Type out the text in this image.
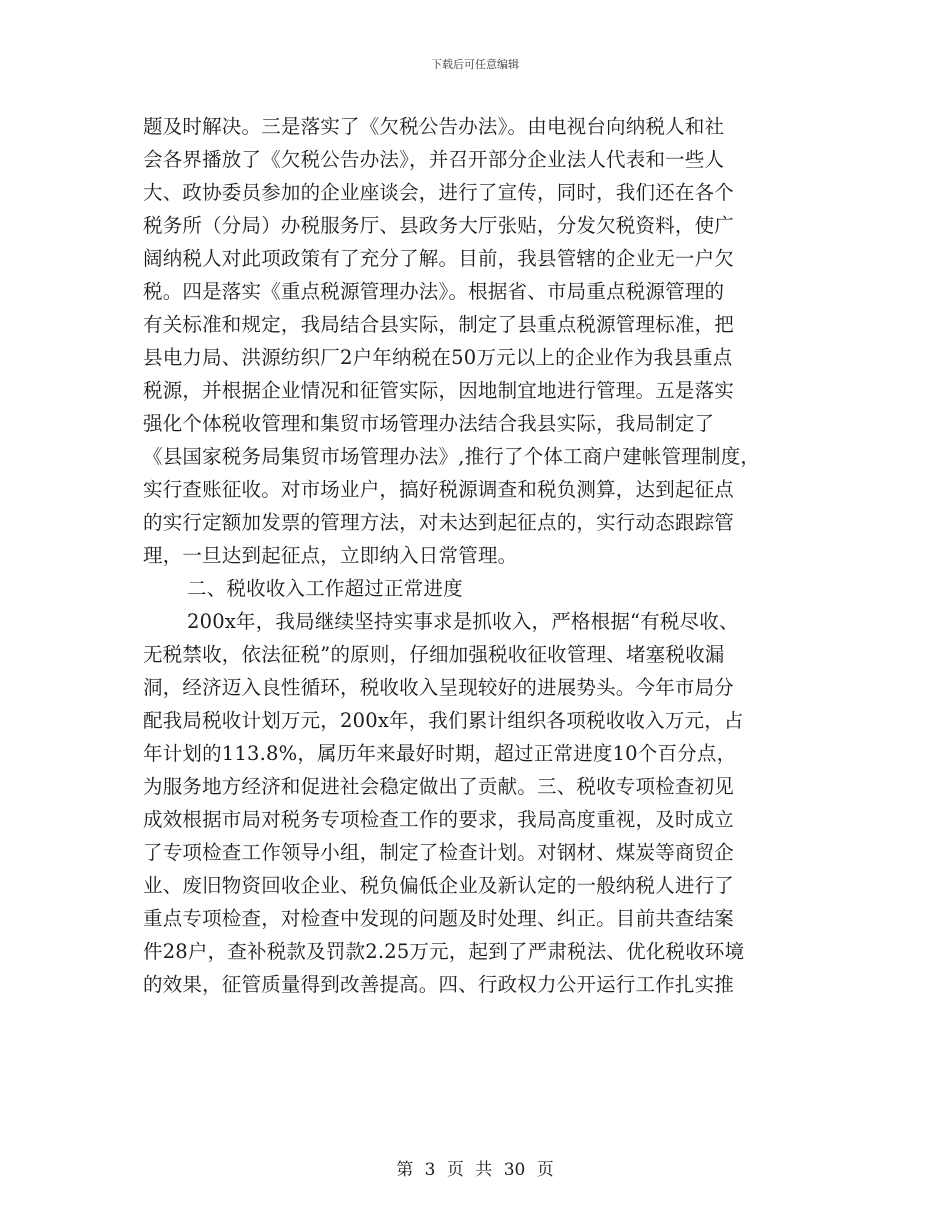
下载后可任意编辑
题及时解决。三是落实了《欠税公告办法》。由电视台向纳税人和社
会各界播放了《欠税公告办法》，并召开部分企业法人代表和一些人
大、政协委员参加的企业座谈会，进行了宣传，同时，我们还在各个
税务所（分局）办税服务厅、县政务大厅张贴，分发欠税资料，使广
阔纳税人对此项政策有了充分了解。目前，我县管辖的企业无一户欠
税。四是落实《重点税源管理办法》。根据省、市局重点税源管理的
有关标准和规定，我局结合县实际，制定了县重点税源管理标准，把
县电力局、洪源纺织厂2户年纳税在50万元以上的企业作为我县重点
税源，并根据企业情况和征管实际，因地制宜地进行管理。五是落实
强化个体税收管理和集贸市场管理办法结合我县实际，我局制定了
《县国家税务局集贸市场管理办法》,推行了个体工商户建帐管理制度，
实行查账征收。对市场业户，搞好税源调查和税负测算，达到起征点
的实行定额加发票的管理方法，对未达到起征点的，实行动态跟踪管
理，一旦达到起征点，立即纳入日常管理。
二、税收收入工作超过正常进度
200x年，我局继续坚持实事求是抓收入，严格根据“有税尽收、
无税禁收，依法征税”的原则，仔细加强税收征收管理、堵塞税收漏
洞，经济迈入良性循环，税收收入呈现较好的进展势头。今年市局分
配我局税收计划万元，200x年，我们累计组织各项税收收入万元，占
年计划的113.8%，属历年来最好时期，超过正常进度10个百分点，
为服务地方经济和促进社会稳定做出了贡献。三、税收专项检查初见
成效根据市局对税务专项检查工作的要求，我局高度重视，及时成立
了专项检查工作领导小组，制定了检查计划。对钢材、煤炭等商贸企
业、废旧物资回收企业、税负偏低企业及新认定的一般纳税人进行了
重点专项检查，对检查中发现的问题及时处理、纠正。目前共查结案
件28户，查补税款及罚款2.25万元，起到了严肃税法、优化税收环境
的效果，征管质量得到改善提高。四、行政权力公开运行工作扎实推
第 3 页 共 30 页
